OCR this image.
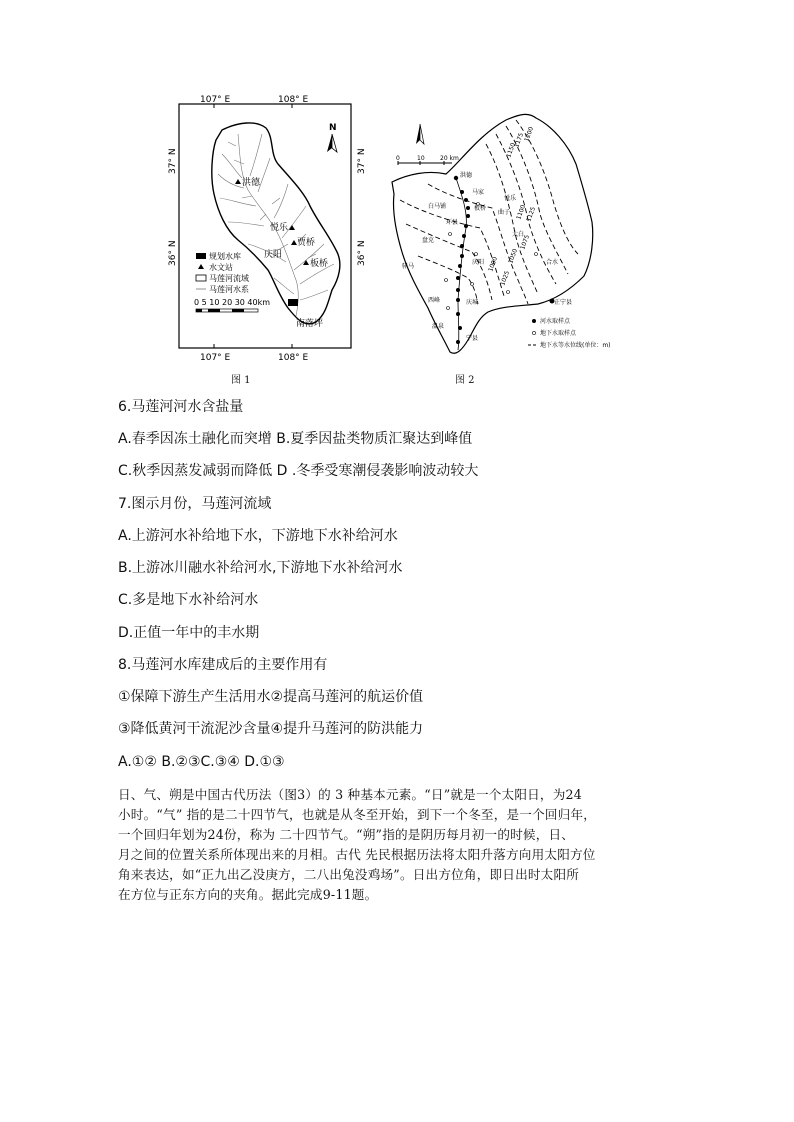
107° E	108° E
107° E	108° E
37° N
36° N
37° N
36° N
N
洪德
悦乐
贾桥
庆阳
板桥
南落坪
规划水库
水文站
马莲河流域
马莲河水系
0 5 10 20 30 40km
图 1
0	10	20 km
1200
1175
1150
1125
1100
1075
1050
1025
1000
洪德
马家
白马铺	板桥
曲子
悦乐
环县
庆阳
正宁县
盘克
驿马
西峰
合水
宁县
太白
庆城
温泉
河水取样点
地下水取样点
地下水等水位线(单位：m)
图 2
6.马莲河河水含盐量
A.春季因冻土融化而突增 B.夏季因盐类物质汇聚达到峰值
C.秋季因蒸发减弱而降低 D .冬季受寒潮侵袭影响波动较大
7.图示月份，马莲河流域
A.上游河水补给地下水，下游地下水补给河水
B.上游冰川融水补给河水,下游地下水补给河水
C.多是地下水补给河水
D.正值一年中的丰水期
8.马莲河水库建成后的主要作用有
①保障下游生产生活用水②提高马莲河的航运价值
③降低黄河干流泥沙含量④提升马莲河的防洪能力
A.①② B.②③C.③④ D.①③
日、气、朔是中国古代历法（图3）的 3 种基本元素。“日”就是一个太阳日，为24
小时。“气” 指的是二十四节气，也就是从冬至开始，到下一个冬至，是一个回归年，
一个回归年划为24份，称为 二十四节气。“朔”指的是阴历每月初一的时候，日、
月之间的位置关系所体现出来的月相。古代 先民根据历法将太阳升落方向用太阳方位
角来表达，如“正九出乙没庚方，二八出兔没鸡场”。日出方位角，即日出时太阳所
在方位与正东方向的夹角。据此完成9-11题。
